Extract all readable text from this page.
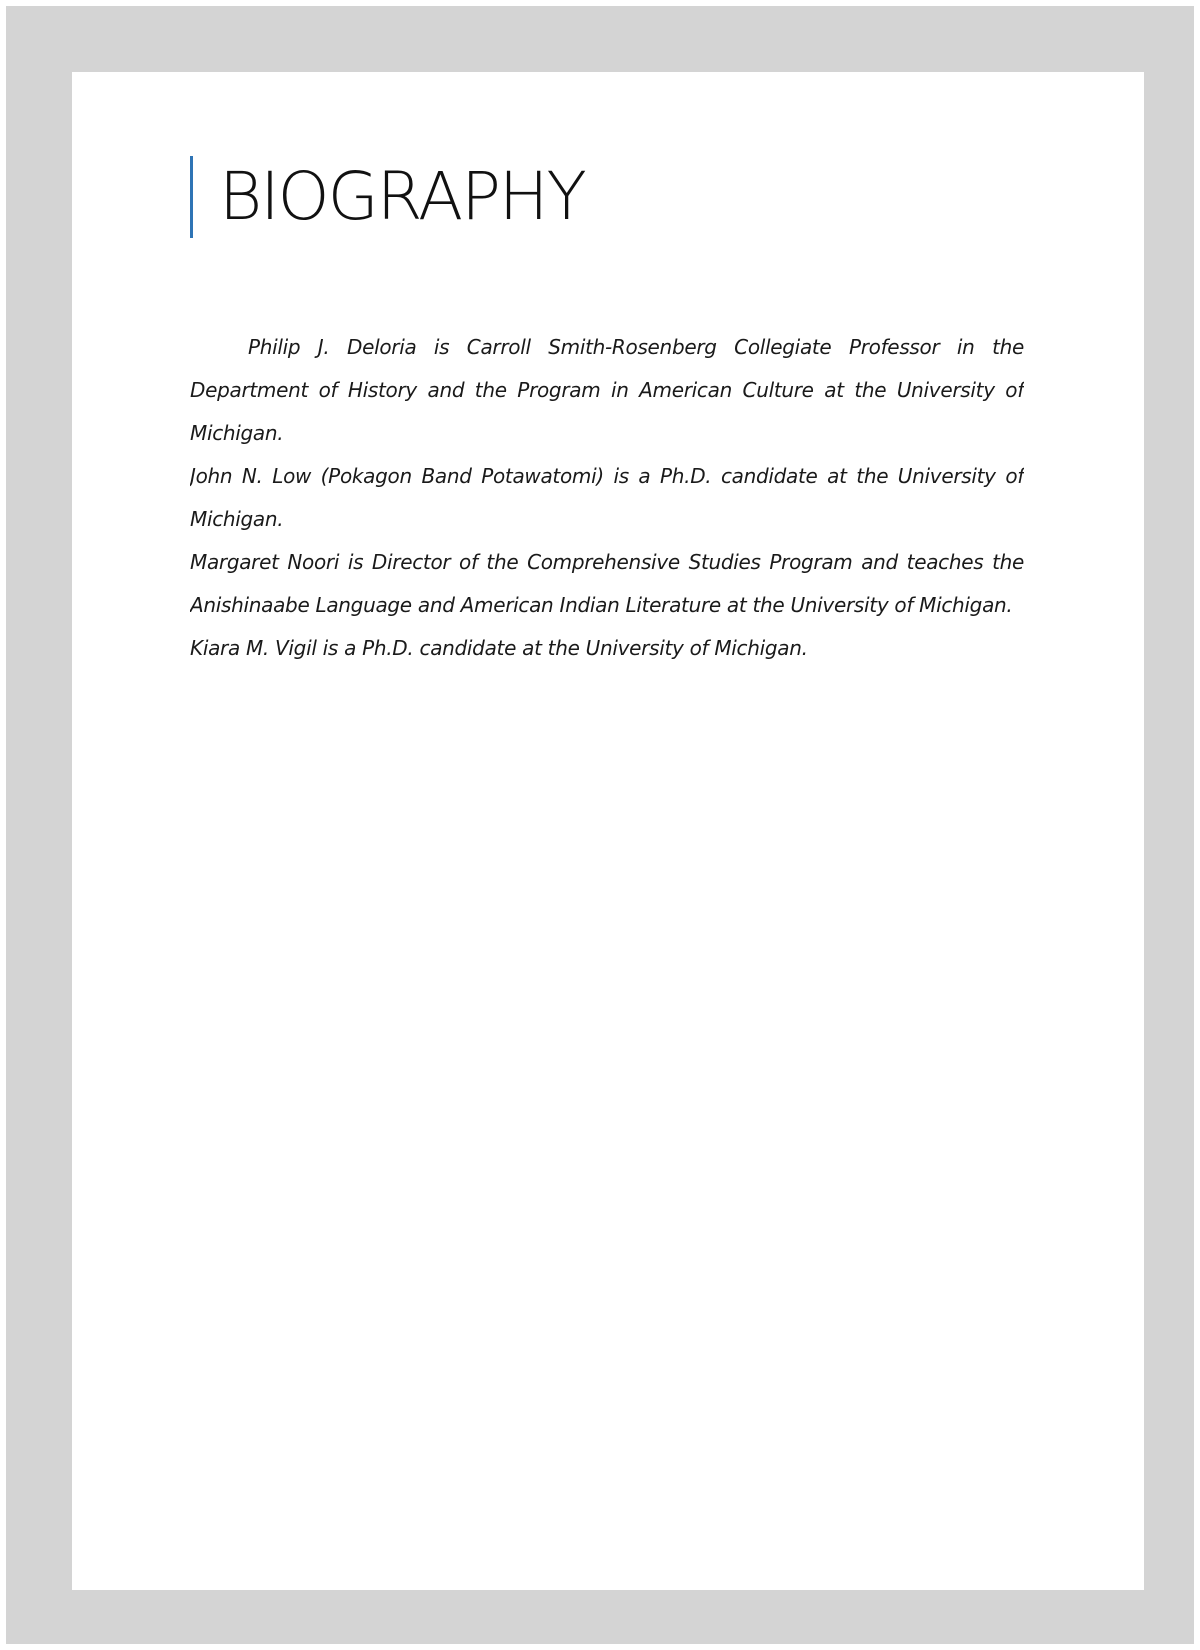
BIOGRAPHY

Philip J. Deloria is Carroll Smith-Rosenberg Collegiate Professor in the Department of History and the Program in American Culture at the University of Michigan.

John N. Low (Pokagon Band Potawatomi) is a Ph.D. candidate at the University of Michigan.

Margaret Noori is Director of the Comprehensive Studies Program and teaches the Anishinaabe Language and American Indian Literature at the University of Michigan.

Kiara M. Vigil is a Ph.D. candidate at the University of Michigan.
